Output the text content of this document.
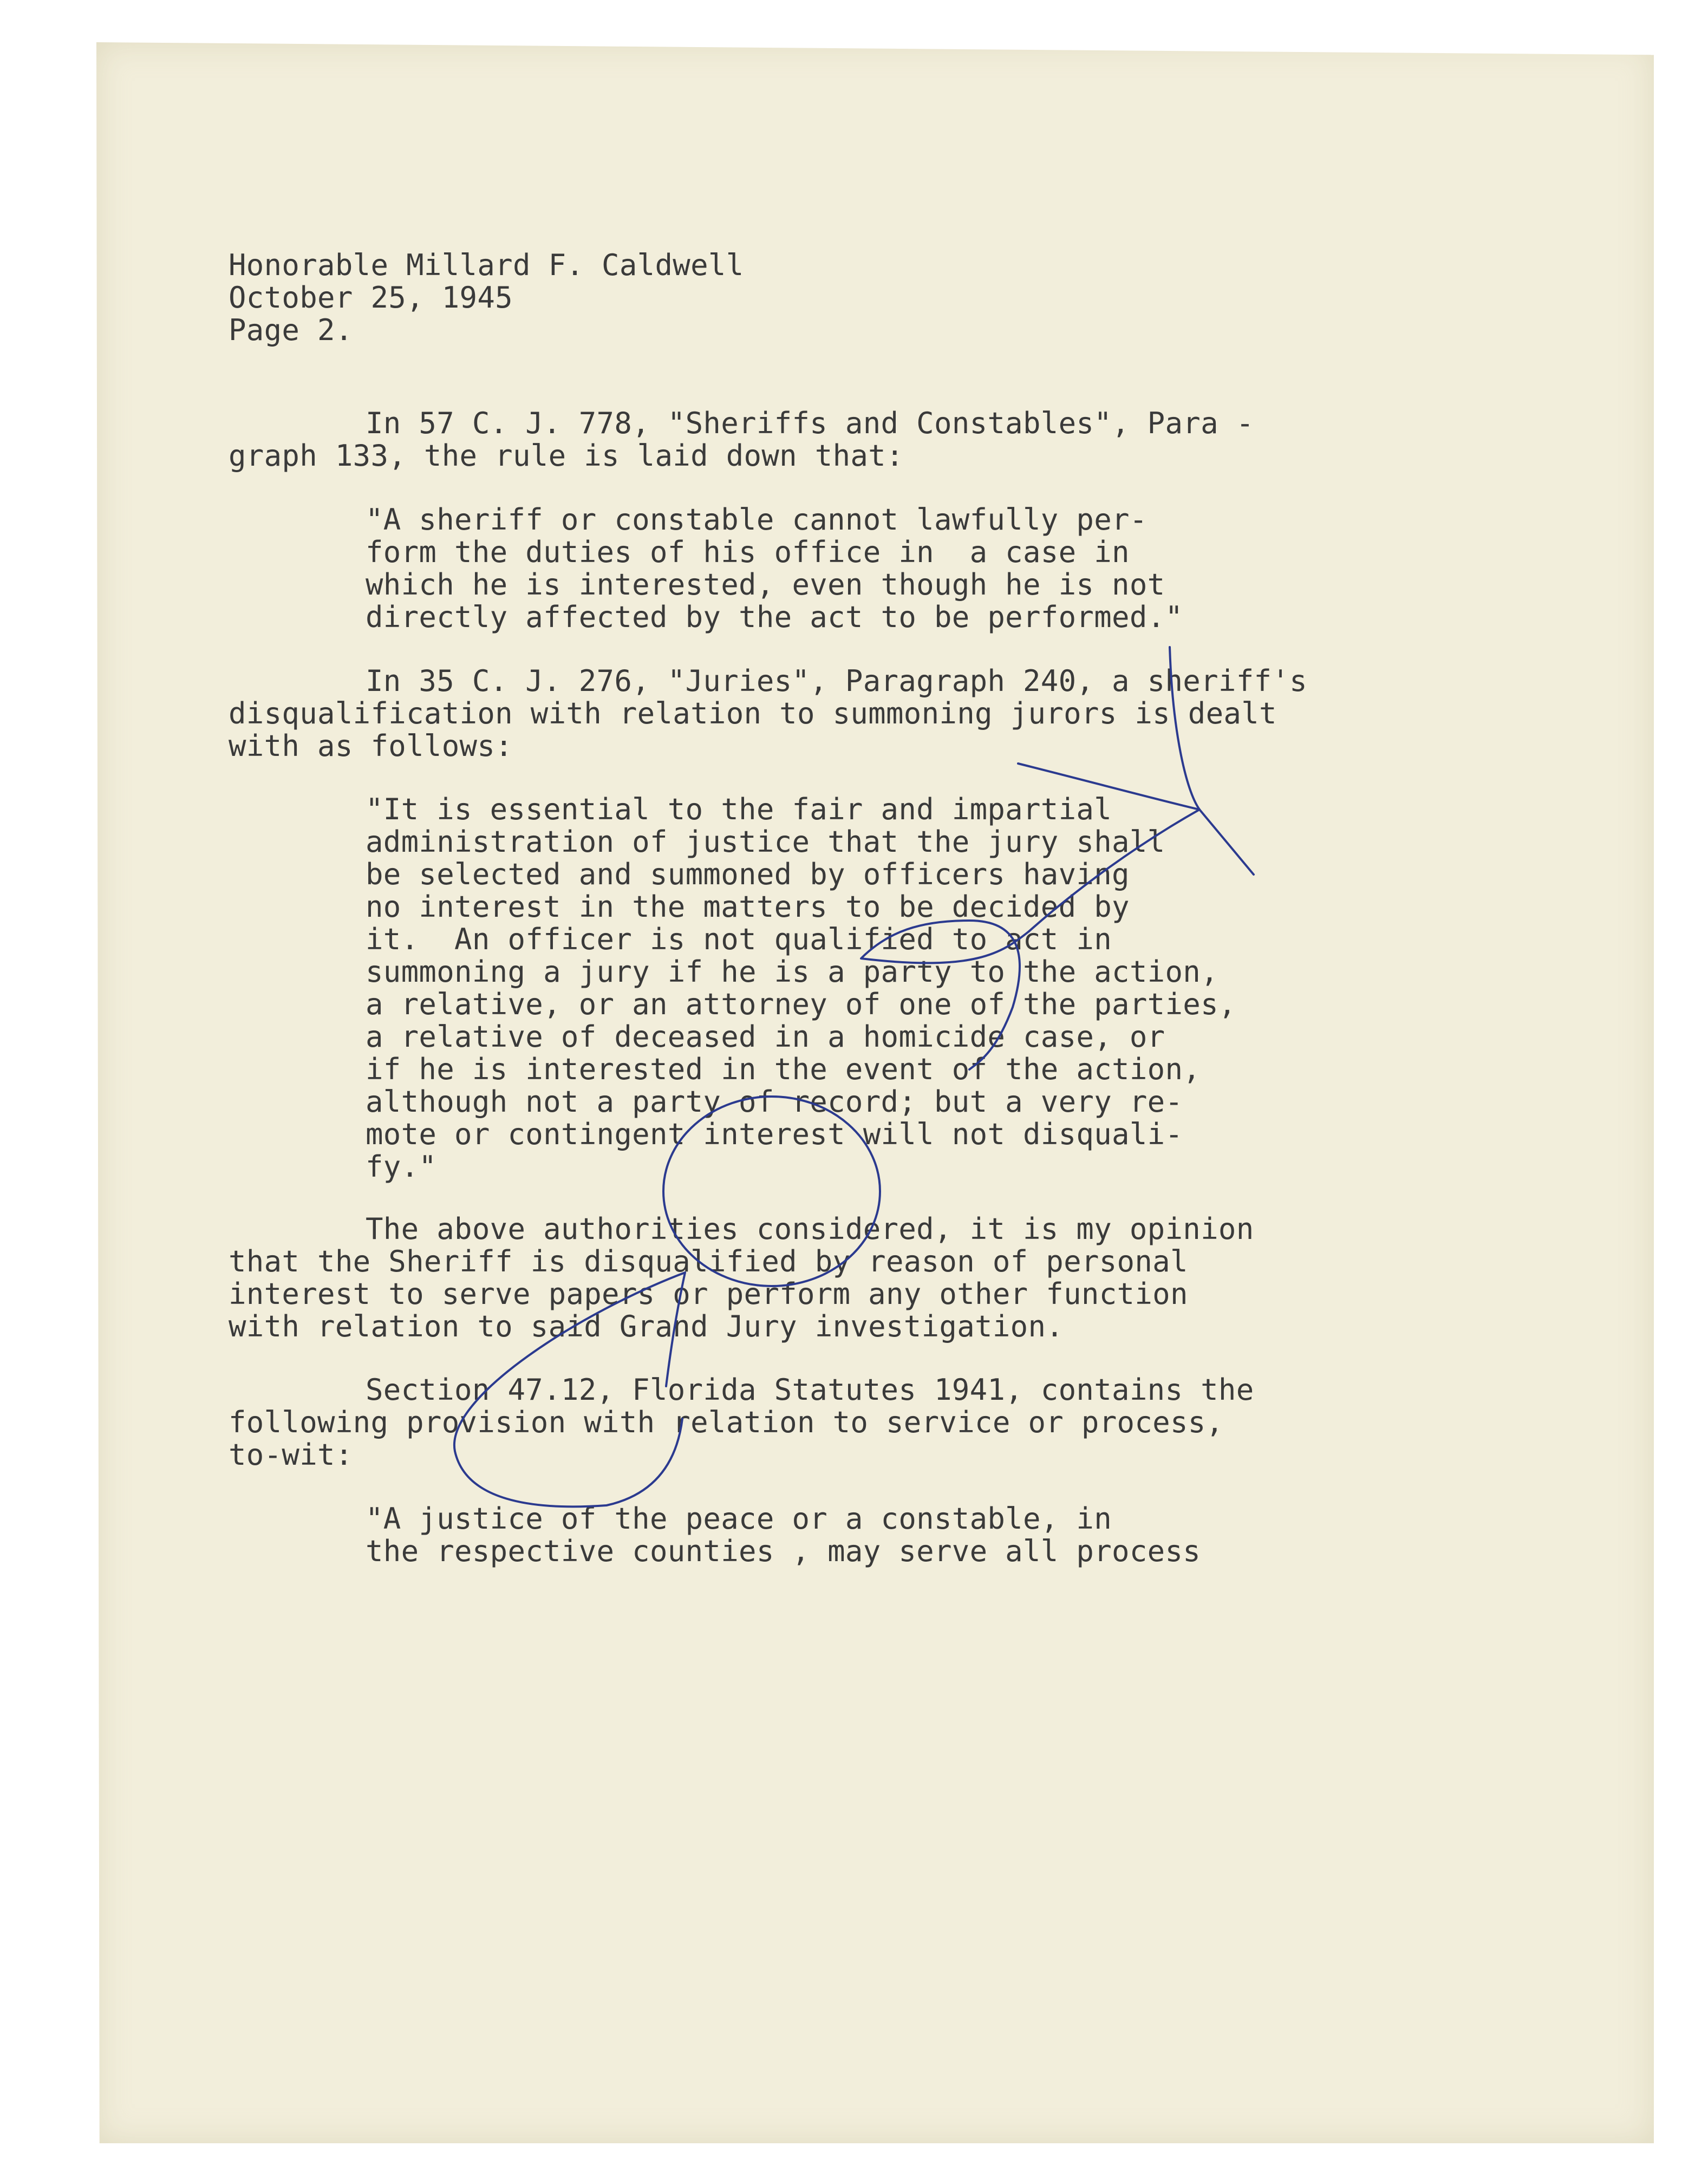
Honorable Millard F. Caldwell
October 25, 1945
Page 2.
In 57 C. J. 778, "Sheriffs and Constables", Para -
graph 133, the rule is laid down that:
"A sheriff or constable cannot lawfully per-
form the duties of his office in  a case in
which he is interested, even though he is not
directly affected by the act to be performed."
In 35 C. J. 276, "Juries", Paragraph 240, a sheriff's
disqualification with relation to summoning jurors is dealt
with as follows:
"It is essential to the fair and impartial
administration of justice that the jury shall
be selected and summoned by officers having
no interest in the matters to be decided by
it.  An officer is not qualified to act in
summoning a jury if he is a party to the action,
a relative, or an attorney of one of the parties,
a relative of deceased in a homicide case, or
if he is interested in the event of the action,
although not a party of record; but a very re-
mote or contingent interest will not disquali-
fy."
The above authorities considered, it is my opinion
that the Sheriff is disqualified by reason of personal
interest to serve papers or perform any other function
with relation to said Grand Jury investigation.
Section 47.12, Florida Statutes 1941, contains the
following provision with relation to service or process,
to-wit:
"A justice of the peace or a constable, in
the respective counties , may serve all process
